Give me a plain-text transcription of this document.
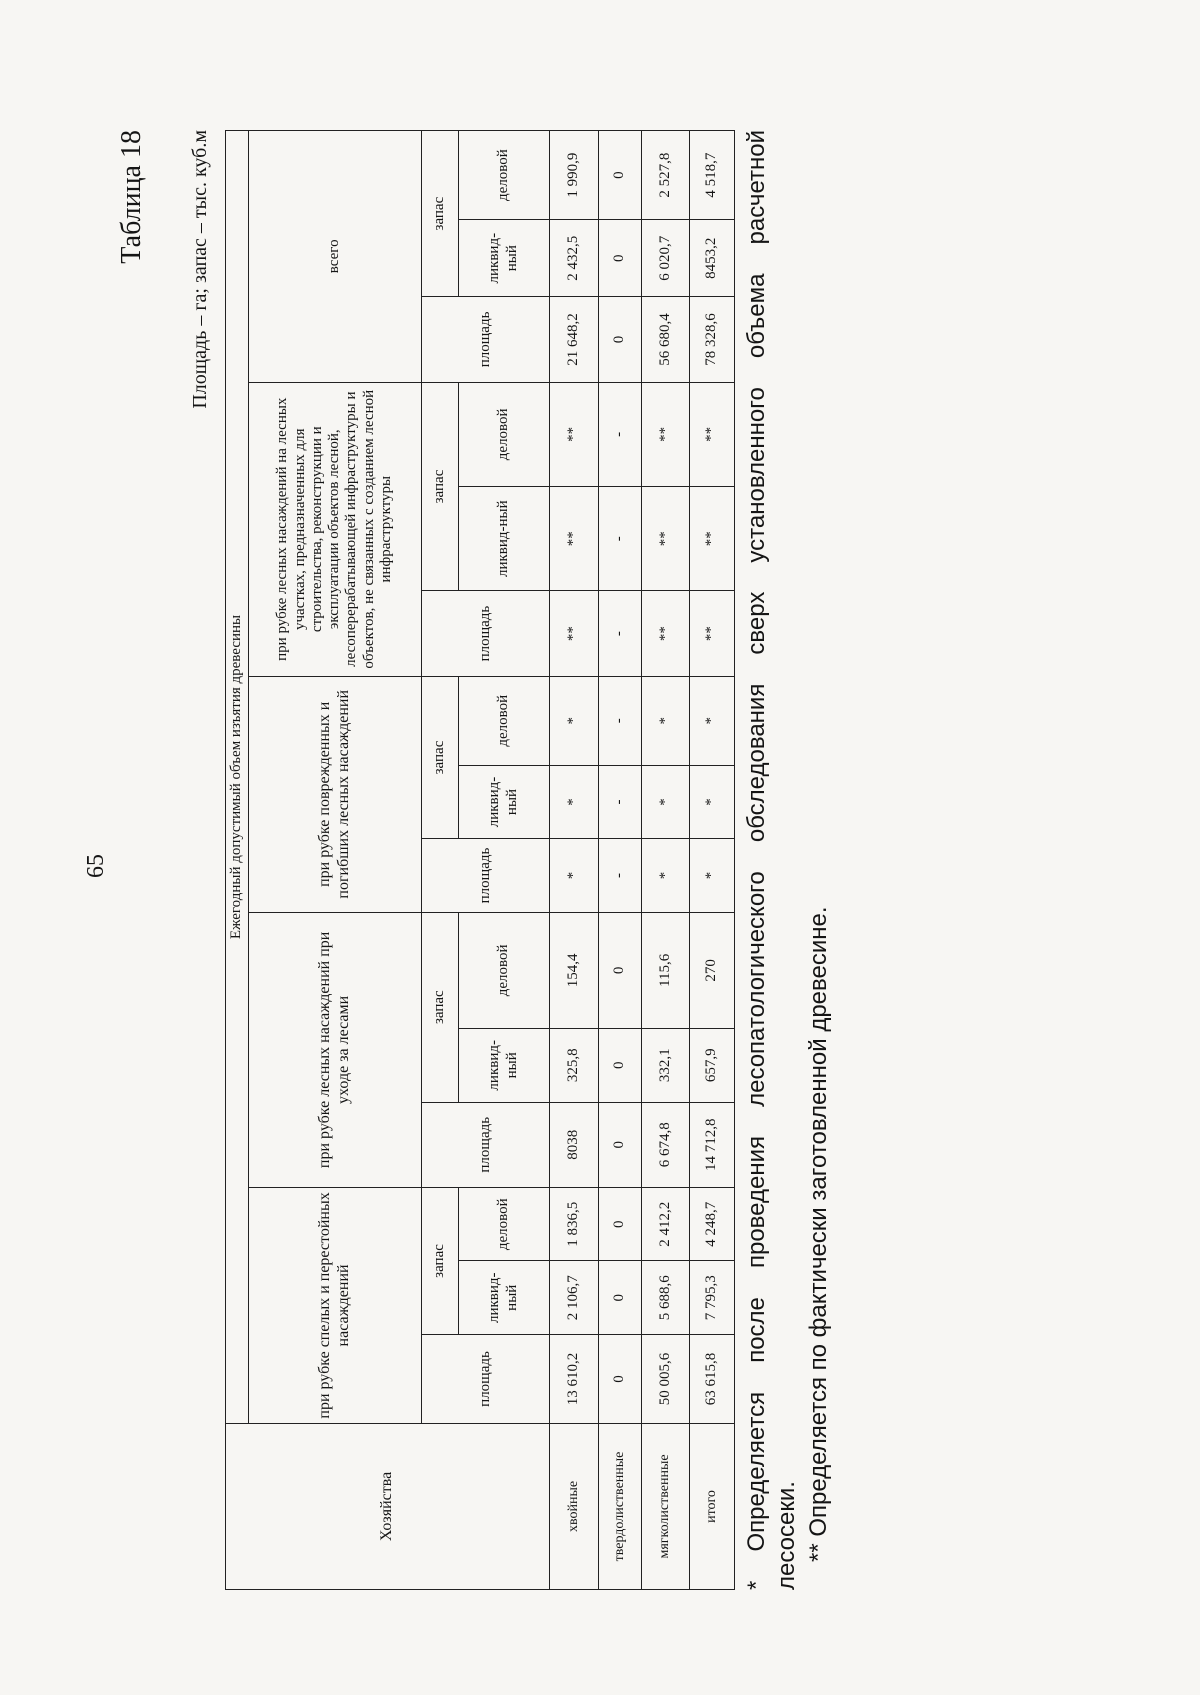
65
Таблица 18 Площадь – га; запас – тыс. куб.м
Хозяйства	Ежегодный допустимый объем изъятия древесины														
	при рубке спелых и перестойных насаждений			при рубке лесных насаждений при уходе за лесами			при рубке поврежденных и погибших лесных насаждений			при рубке лесных насаждений на лесных участках, предназначенных для строительства, реконструкции и эксплуатации объектов лесной, лесоперерабатывающей инфраструктуры и объектов, не связанных с созданием лесной инфраструктуры			всего		
	площадь	запас		площадь	запас		площадь	запас		площадь	запас		площадь	запас	
		ликвид-ный	деловой		ликвид-ный	деловой		ликвид-ный	деловой		ликвид-ный	деловой		ликвид-ный	деловой
хвойные	13 610,2	2 106,7	1 836,5	8038	325,8	154,4	*	*	*	**	**	**	21 648,2	2 432,5	1 990,9
твердолиственные	0	0	0	0	0	0	-	-	-	-	-	-	0	0	0
мягколиственные	50 005,6	5 688,6	2 412,2	6 674,8	332,1	115,6	*	*	*	**	**	**	56 680,4	6 020,7	2 527,8
итого	63 615,8	7 795,3	4 248,7	14 712,8	657,9	270	*	*	*	**	**	**	78 328,6	8453,2	4 518,7 * Определяется после проведения лесопатологического обследования сверх установленного объема расчетной лесосеки. ** Определяется по фактически заготовленной древесине.
